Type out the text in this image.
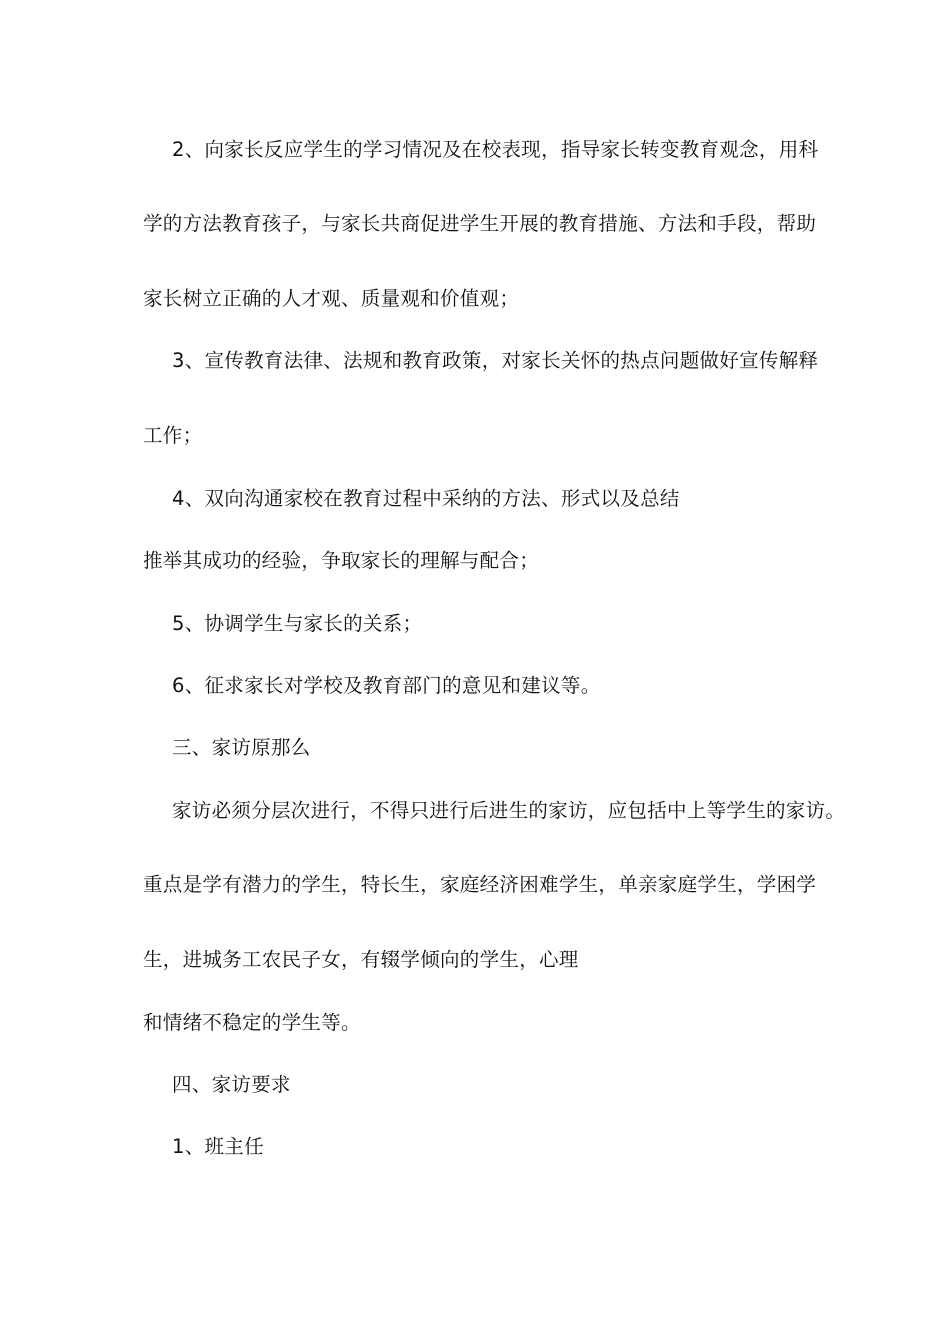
2、向家长反应学生的学习情况及在校表现，指导家长转变教育观念，用科
学的方法教育孩子，与家长共商促进学生开展的教育措施、方法和手段，帮助
家长树立正确的人才观、质量观和价值观；
3、宣传教育法律、法规和教育政策，对家长关怀的热点问题做好宣传解释
工作；
4、双向沟通家校在教育过程中采纳的方法、形式以及总结
推举其成功的经验，争取家长的理解与配合；
5、协调学生与家长的关系；
6、征求家长对学校及教育部门的意见和建议等。
三、家访原那么
家访必须分层次进行，不得只进行后进生的家访，应包括中上等学生的家访。
重点是学有潜力的学生，特长生，家庭经济困难学生，单亲家庭学生，学困学
生，进城务工农民子女，有辍学倾向的学生，心理
和情绪不稳定的学生等。
四、家访要求
1、班主任
